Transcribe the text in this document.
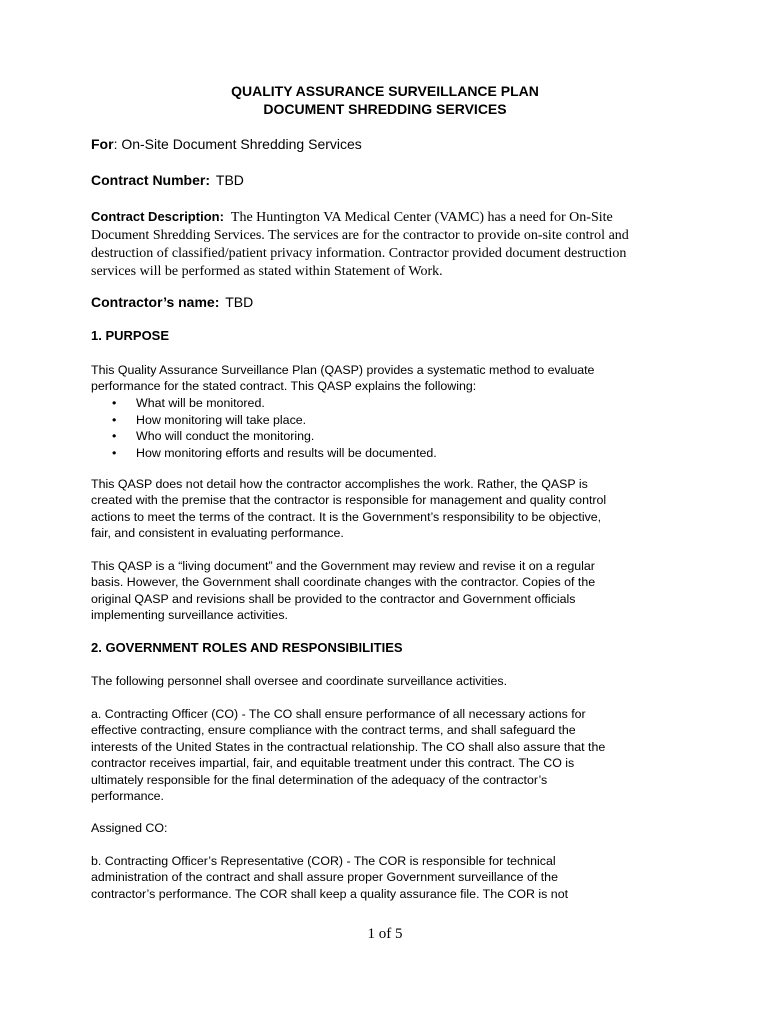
QUALITY ASSURANCE SURVEILLANCE PLAN
DOCUMENT SHREDDING SERVICES
For: On-Site Document Shredding Services
Contract Number: TBD
Contract Description: The Huntington VA Medical Center (VAMC) has a need for On-Site
Document Shredding Services. The services are for the contractor to provide on-site control and
destruction of classified/patient privacy information. Contractor provided document destruction
services will be performed as stated within Statement of Work.
Contractor’s name: TBD
1. PURPOSE
This Quality Assurance Surveillance Plan (QASP) provides a systematic method to evaluate
performance for the stated contract. This QASP explains the following:
• What will be monitored.
• How monitoring will take place.
• Who will conduct the monitoring.
• How monitoring efforts and results will be documented.
This QASP does not detail how the contractor accomplishes the work. Rather, the QASP is
created with the premise that the contractor is responsible for management and quality control
actions to meet the terms of the contract. It is the Government’s responsibility to be objective,
fair, and consistent in evaluating performance.
This QASP is a “living document” and the Government may review and revise it on a regular
basis. However, the Government shall coordinate changes with the contractor. Copies of the
original QASP and revisions shall be provided to the contractor and Government officials
implementing surveillance activities.
2. GOVERNMENT ROLES AND RESPONSIBILITIES
The following personnel shall oversee and coordinate surveillance activities.
a. Contracting Officer (CO) - The CO shall ensure performance of all necessary actions for
effective contracting, ensure compliance with the contract terms, and shall safeguard the
interests of the United States in the contractual relationship. The CO shall also assure that the
contractor receives impartial, fair, and equitable treatment under this contract. The CO is
ultimately responsible for the final determination of the adequacy of the contractor’s
performance.
Assigned CO:
b. Contracting Officer’s Representative (COR) - The COR is responsible for technical
administration of the contract and shall assure proper Government surveillance of the
contractor’s performance. The COR shall keep a quality assurance file. The COR is not
1 of 5
